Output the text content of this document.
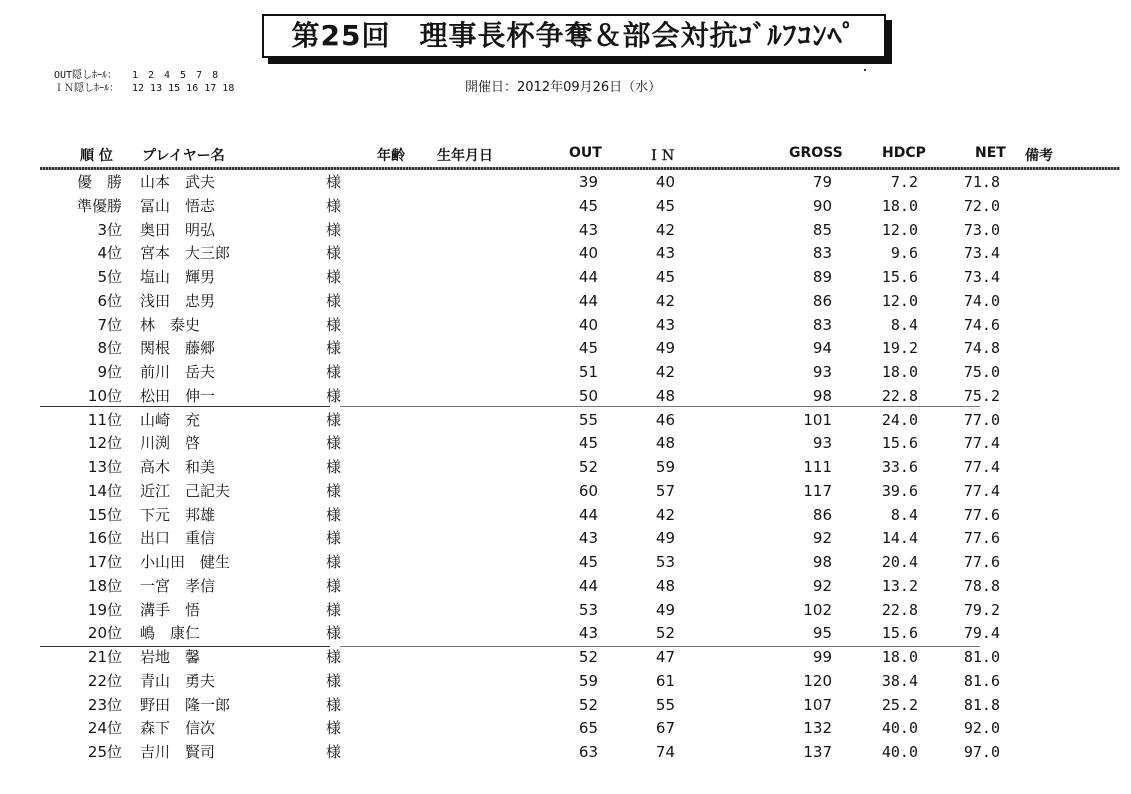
第25回　理事長杯争奪＆部会対抗ｺﾞﾙﾌｺﾝﾍﾟ
OUT隠しﾎｰﾙ： 1　2　4　5　7　8
ＩＮ隠しﾎｰﾙ： 12 13 15 16 17 18	開催日：2012年09月26日（水）
順 位 プレイヤー名	年齢 生年月日	OUT	ＩＮ	GROSS	HDCP	NET 備考
優　勝 山本　武夫	様	39	40	79	7.2	71.8
準優勝 冨山　悟志	様	45	45	90	18.0	72.0
3位 奥田　明弘	様	43	42	85	12.0	73.0
4位 宮本　大三郎	様	40	43	83	9.6	73.4
5位 塩山　輝男	様	44	45	89	15.6	73.4
6位 浅田　忠男	様	44	42	86	12.0	74.0
7位 林　泰史	様	40	43	83	8.4	74.6
8位 関根　藤郷	様	45	49	94	19.2	74.8
9位 前川　岳夫	様	51	42	93	18.0	75.0
10位 松田　伸一	様	50	48	98	22.8	75.2
11位 山崎　充	様	55	46	101	24.0	77.0
12位 川渕　啓	様	45	48	93	15.6	77.4
13位 高木　和美	様	52	59	111	33.6	77.4
14位 近江　己記夫	様	60	57	117	39.6	77.4
15位 下元　邦雄	様	44	42	86	8.4	77.6
16位 出口　重信	様	43	49	92	14.4	77.6
17位 小山田　健生	様	45	53	98	20.4	77.6
18位 一宮　孝信	様	44	48	92	13.2	78.8
19位 溝手　悟	様	53	49	102	22.8	79.2
20位 嶋　康仁	様	43	52	95	15.6	79.4
21位 岩地　馨	様	52	47	99	18.0	81.0
22位 青山　勇夫	様	59	61	120	38.4	81.6
23位 野田　隆一郎	様	52	55	107	25.2	81.8
24位 森下　信次	様	65	67	132	40.0	92.0
25位 吉川　賢司	様	63	74	137	40.0	97.0
